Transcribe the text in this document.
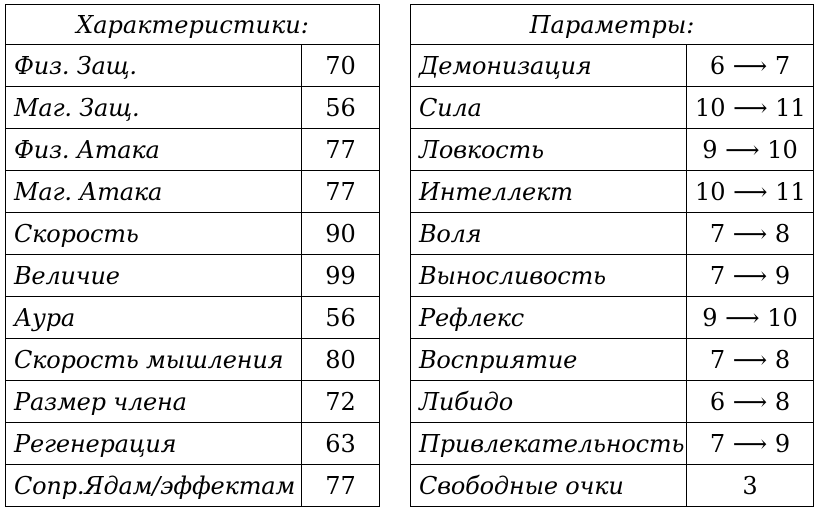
Характеристики:	
Физ. Защ.	70
Маг. Защ.	56
Физ. Атака	77
Маг. Атака	77
Скорость	90
Величие	99
Аура	56
Скорость мышления	80
Размер члена	72
Регенерация	63
Сопр.Ядам/эффектам	77
Параметры:	
Демонизация	6 ⟶ 7
Сила	10 ⟶ 11
Ловкость	9 ⟶ 10
Интеллект	10 ⟶ 11
Воля	7 ⟶ 8
Выносливость	7 ⟶ 9
Рефлекс	9 ⟶ 10
Восприятие	7 ⟶ 8
Либидо	6 ⟶ 8
Привлекательность	7 ⟶ 9
Свободные очки	3
